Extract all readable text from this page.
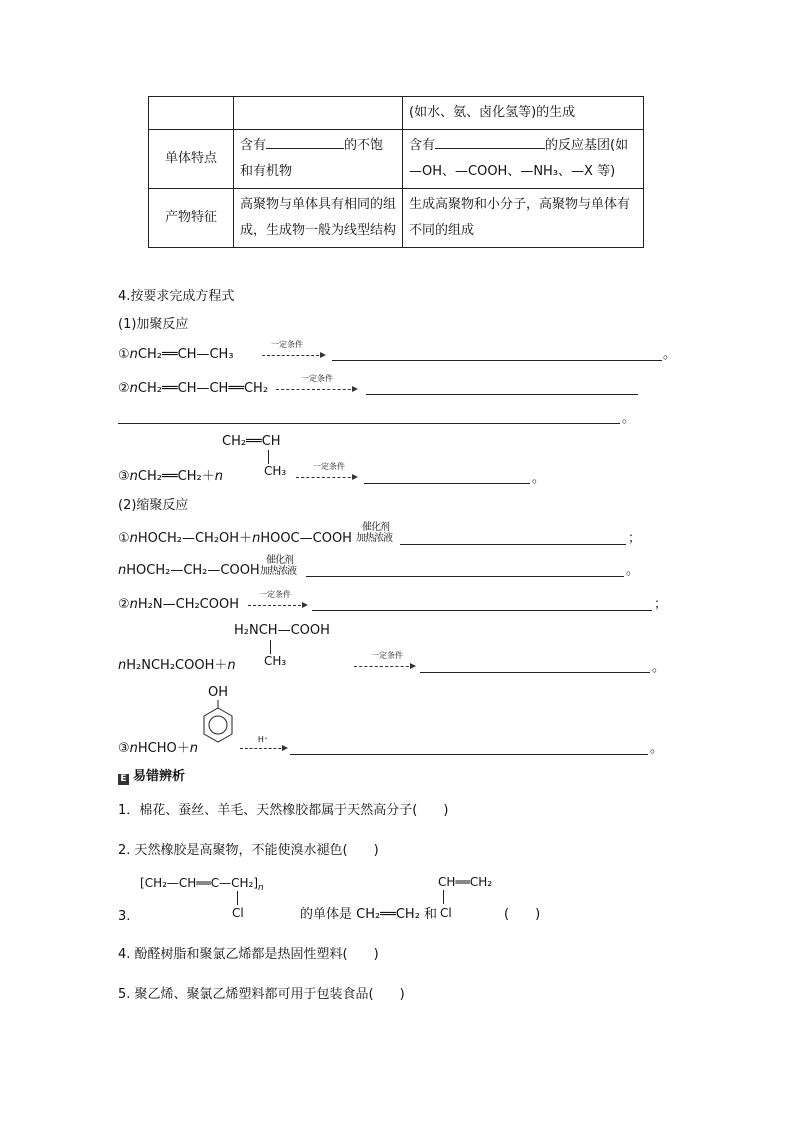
		(如水、氨、卤化氢等)的生成
单体特点	含有 的不饱和有机物	含有 的反应基团(如—OH、—COOH、—NH₃、—X 等)
产物特征	高聚物与单体具有相同的组成，生成物一般为线型结构	生成高聚物和小分子，高聚物与单体有不同的组成
4.按要求完成方程式
(1)加聚反应
①nCH₂══CH—CH₃
一定条件
。
②nCH₂══CH—CH══CH₂
一定条件
。
CH₂══CH
CH₃
③nCH₂══CH₂＋n
一定条件
。
(2)缩聚反应
①nHOCH₂—CH₂OH＋nHOOC—COOH
催化剂
加热浓液	；
nHOCH₂—CH₂—COOH
催化剂
加热浓液	。
②nH₂N—CH₂COOH
一定条件
；
H₂NCH—COOH
CH₃
nH₂NCH₂COOH＋n
一定条件
。
OH
③nHCHO＋n
H⁺
。
E 易错辨析
1．棉花、蚕丝、羊毛、天然橡胶都属于天然高分子(　　)
2. 天然橡胶是高聚物，不能使溴水褪色(　　)
$[CH_2—CH══C—CH_2]_n$
Cl
3.	的单体是 CH₂══CH₂ 和
CH══CH₂
Cl	(　　)
4. 酚醛树脂和聚氯乙烯都是热固性塑料(　　)
5. 聚乙烯、聚氯乙烯塑料都可用于包装食品(　　)
